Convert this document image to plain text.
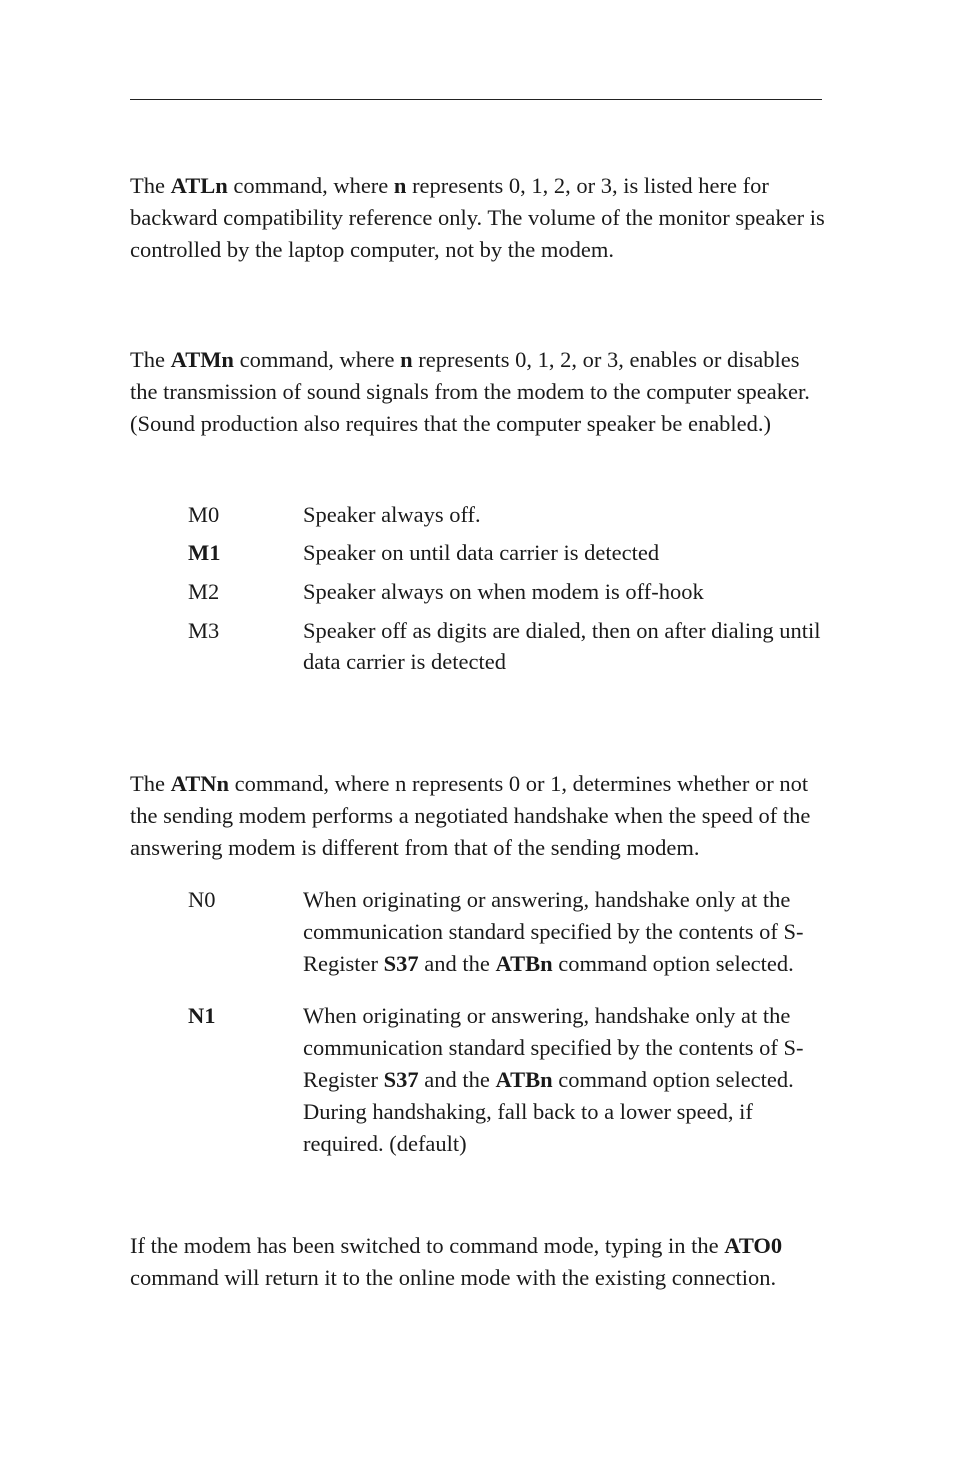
The ATLn command, where n represents 0, 1, 2, or 3, is listed here for backward compatibility reference only. The volume of the monitor speaker is controlled by the laptop computer, not by the modem.

The ATMn command, where n represents 0, 1, 2, or 3, enables or disables the transmission of sound signals from the modem to the computer speaker. (Sound production also requires that the computer speaker be enabled.)

M0	Speaker always off.
M1	Speaker on until data carrier is detected
M2	Speaker always on when modem is off-hook
M3	Speaker off as digits are dialed, then on after dialing until data carrier is detected

The ATNn command, where n represents 0 or 1, determines whether or not the sending modem performs a negotiated handshake when the speed of the answering modem is different from that of the sending modem.

N0	When originating or answering, handshake only at the communication standard specified by the contents of S-Register S37 and the ATBn command option selected.
N1	When originating or answering, handshake only at the communication standard specified by the contents of S-Register S37 and the ATBn command option selected. During handshaking, fall back to a lower speed, if required. (default)

If the modem has been switched to command mode, typing in the ATO0 command will return it to the online mode with the existing connection.
